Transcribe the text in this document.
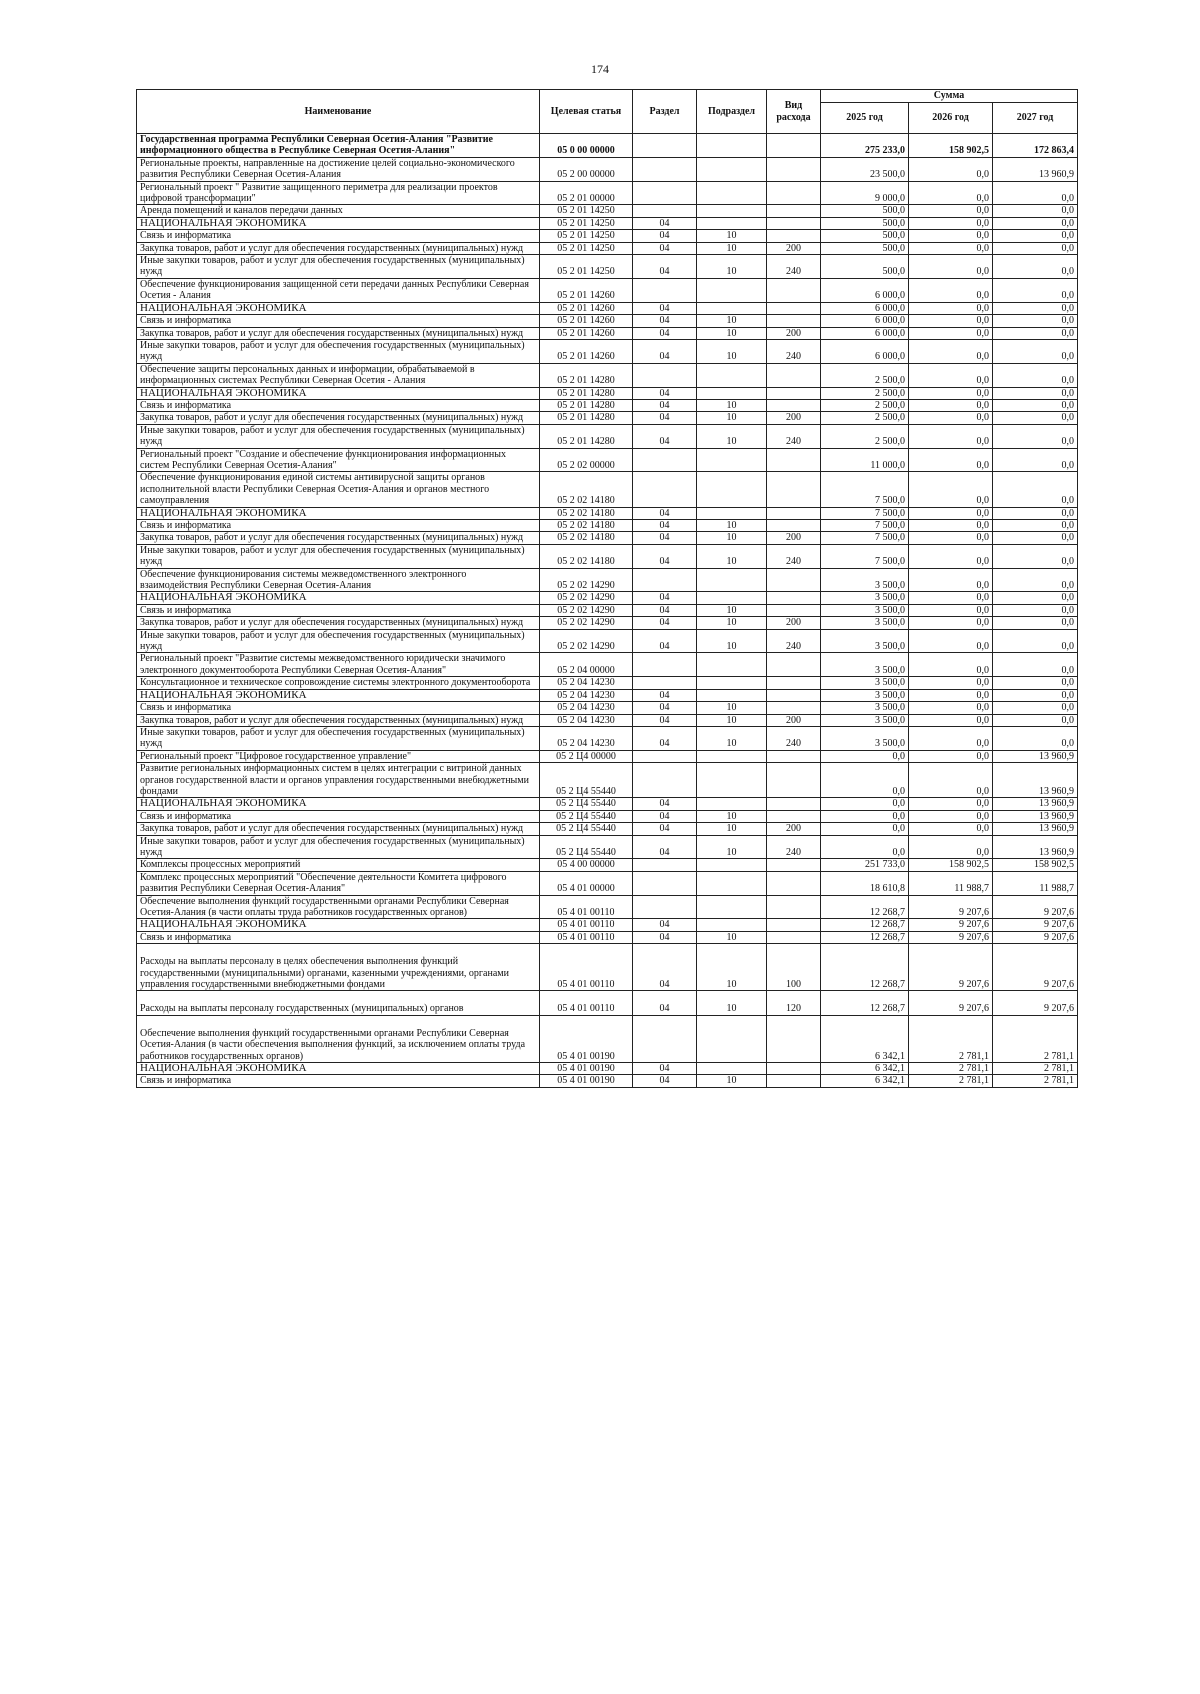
174
Наименование	Целевая статья	Раздел	Подраздел	Вид расхода	Сумма		
					2025 год	2026 год	2027 год
Государственная программа Республики Северная Осетия-Алания "Развитие информационного общества в Республике Северная Осетия-Алания"	05 0 00 00000				275 233,0	158 902,5	172 863,4
Региональные проекты, направленные на достижение целей социально-экономического развития Республики Северная Осетия-Алания	05 2 00 00000				23 500,0	0,0	13 960,9
Региональный проект " Развитие защищенного периметра для реализации проектов цифровой трансформации"	05 2 01 00000				9 000,0	0,0	0,0
Аренда помещений и каналов передачи данных	05 2 01 14250				500,0	0,0	0,0
НАЦИОНАЛЬНАЯ ЭКОНОМИКА	05 2 01 14250	04			500,0	0,0	0,0
Связь и информатика	05 2 01 14250	04	10		500,0	0,0	0,0
Закупка товаров, работ и услуг для обеспечения государственных (муниципальных) нужд	05 2 01 14250	04	10	200	500,0	0,0	0,0
Иные закупки товаров, работ и услуг для обеспечения государственных (муниципальных) нужд	05 2 01 14250	04	10	240	500,0	0,0	0,0
Обеспечение функционирования защищенной сети передачи данных Республики Северная Осетия - Алания	05 2 01 14260				6 000,0	0,0	0,0
НАЦИОНАЛЬНАЯ ЭКОНОМИКА	05 2 01 14260	04			6 000,0	0,0	0,0
Связь и информатика	05 2 01 14260	04	10		6 000,0	0,0	0,0
Закупка товаров, работ и услуг для обеспечения государственных (муниципальных) нужд	05 2 01 14260	04	10	200	6 000,0	0,0	0,0
Иные закупки товаров, работ и услуг для обеспечения государственных (муниципальных) нужд	05 2 01 14260	04	10	240	6 000,0	0,0	0,0
Обеспечение защиты персональных данных и информации, обрабатываемой в информационных системах Республики Северная Осетия - Алания	05 2 01 14280				2 500,0	0,0	0,0
НАЦИОНАЛЬНАЯ ЭКОНОМИКА	05 2 01 14280	04			2 500,0	0,0	0,0
Связь и информатика	05 2 01 14280	04	10		2 500,0	0,0	0,0
Закупка товаров, работ и услуг для обеспечения государственных (муниципальных) нужд	05 2 01 14280	04	10	200	2 500,0	0,0	0,0
Иные закупки товаров, работ и услуг для обеспечения государственных (муниципальных) нужд	05 2 01 14280	04	10	240	2 500,0	0,0	0,0
Региональный проект "Создание и обеспечение функционирования информационных систем Республики Северная Осетия-Алания"	05 2 02 00000				11 000,0	0,0	0,0
Обеспечение функционирования единой системы антивирусной защиты органов исполнительной власти Республики Северная Осетия-Алания и органов местного самоуправления	05 2 02 14180				7 500,0	0,0	0,0
НАЦИОНАЛЬНАЯ ЭКОНОМИКА	05 2 02 14180	04			7 500,0	0,0	0,0
Связь и информатика	05 2 02 14180	04	10		7 500,0	0,0	0,0
Закупка товаров, работ и услуг для обеспечения государственных (муниципальных) нужд	05 2 02 14180	04	10	200	7 500,0	0,0	0,0
Иные закупки товаров, работ и услуг для обеспечения государственных (муниципальных) нужд	05 2 02 14180	04	10	240	7 500,0	0,0	0,0
Обеспечение функционирования системы межведомственного электронного взаимодействия Республики Северная Осетия-Алания	05 2 02 14290				3 500,0	0,0	0,0
НАЦИОНАЛЬНАЯ ЭКОНОМИКА	05 2 02 14290	04			3 500,0	0,0	0,0
Связь и информатика	05 2 02 14290	04	10		3 500,0	0,0	0,0
Закупка товаров, работ и услуг для обеспечения государственных (муниципальных) нужд	05 2 02 14290	04	10	200	3 500,0	0,0	0,0
Иные закупки товаров, работ и услуг для обеспечения государственных (муниципальных) нужд	05 2 02 14290	04	10	240	3 500,0	0,0	0,0
Региональный проект "Развитие системы межведомственного юридически значимого электронного документооборота Республики Северная Осетия-Алания"	05 2 04 00000				3 500,0	0,0	0,0
Консультационное и техническое сопровождение системы электронного документооборота	05 2 04 14230				3 500,0	0,0	0,0
НАЦИОНАЛЬНАЯ ЭКОНОМИКА	05 2 04 14230	04			3 500,0	0,0	0,0
Связь и информатика	05 2 04 14230	04	10		3 500,0	0,0	0,0
Закупка товаров, работ и услуг для обеспечения государственных (муниципальных) нужд	05 2 04 14230	04	10	200	3 500,0	0,0	0,0
Иные закупки товаров, работ и услуг для обеспечения государственных (муниципальных) нужд	05 2 04 14230	04	10	240	3 500,0	0,0	0,0
Региональный проект "Цифровое государственное управление"	05 2 Ц4 00000				0,0	0,0	13 960,9
Развитие региональных информационных систем в целях интеграции с витриной данных органов государственной власти и органов управления государственными внебюджетными фондами	05 2 Ц4 55440				0,0	0,0	13 960,9
НАЦИОНАЛЬНАЯ ЭКОНОМИКА	05 2 Ц4 55440	04			0,0	0,0	13 960,9
Связь и информатика	05 2 Ц4 55440	04	10		0,0	0,0	13 960,9
Закупка товаров, работ и услуг для обеспечения государственных (муниципальных) нужд	05 2 Ц4 55440	04	10	200	0,0	0,0	13 960,9
Иные закупки товаров, работ и услуг для обеспечения государственных (муниципальных) нужд	05 2 Ц4 55440	04	10	240	0,0	0,0	13 960,9
Комплексы процессных мероприятий	05 4 00 00000				251 733,0	158 902,5	158 902,5
Комплекс процессных мероприятий "Обеспечение деятельности Комитета цифрового развития Республики Северная Осетия-Алания"	05 4 01 00000				18 610,8	11 988,7	11 988,7
Обеспечение выполнения функций государственными органами Республики Северная Осетия-Алания (в части оплаты труда работников государственных органов)	05 4 01 00110				12 268,7	9 207,6	9 207,6
НАЦИОНАЛЬНАЯ ЭКОНОМИКА	05 4 01 00110	04			12 268,7	9 207,6	9 207,6
Связь и информатика	05 4 01 00110	04	10		12 268,7	9 207,6	9 207,6
Расходы на выплаты персоналу в целях обеспечения выполнения функций государственными (муниципальными) органами, казенными учреждениями, органами управления государственными внебюджетными фондами	05 4 01 00110	04	10	100	12 268,7	9 207,6	9 207,6
Расходы на выплаты персоналу государственных (муниципальных) органов	05 4 01 00110	04	10	120	12 268,7	9 207,6	9 207,6
Обеспечение выполнения функций государственными органами Республики Северная Осетия-Алания (в части обеспечения выполнения функций, за исключением оплаты труда работников государственных органов)	05 4 01 00190				6 342,1	2 781,1	2 781,1
НАЦИОНАЛЬНАЯ ЭКОНОМИКА	05 4 01 00190	04			6 342,1	2 781,1	2 781,1
Связь и информатика	05 4 01 00190	04	10		6 342,1	2 781,1	2 781,1
